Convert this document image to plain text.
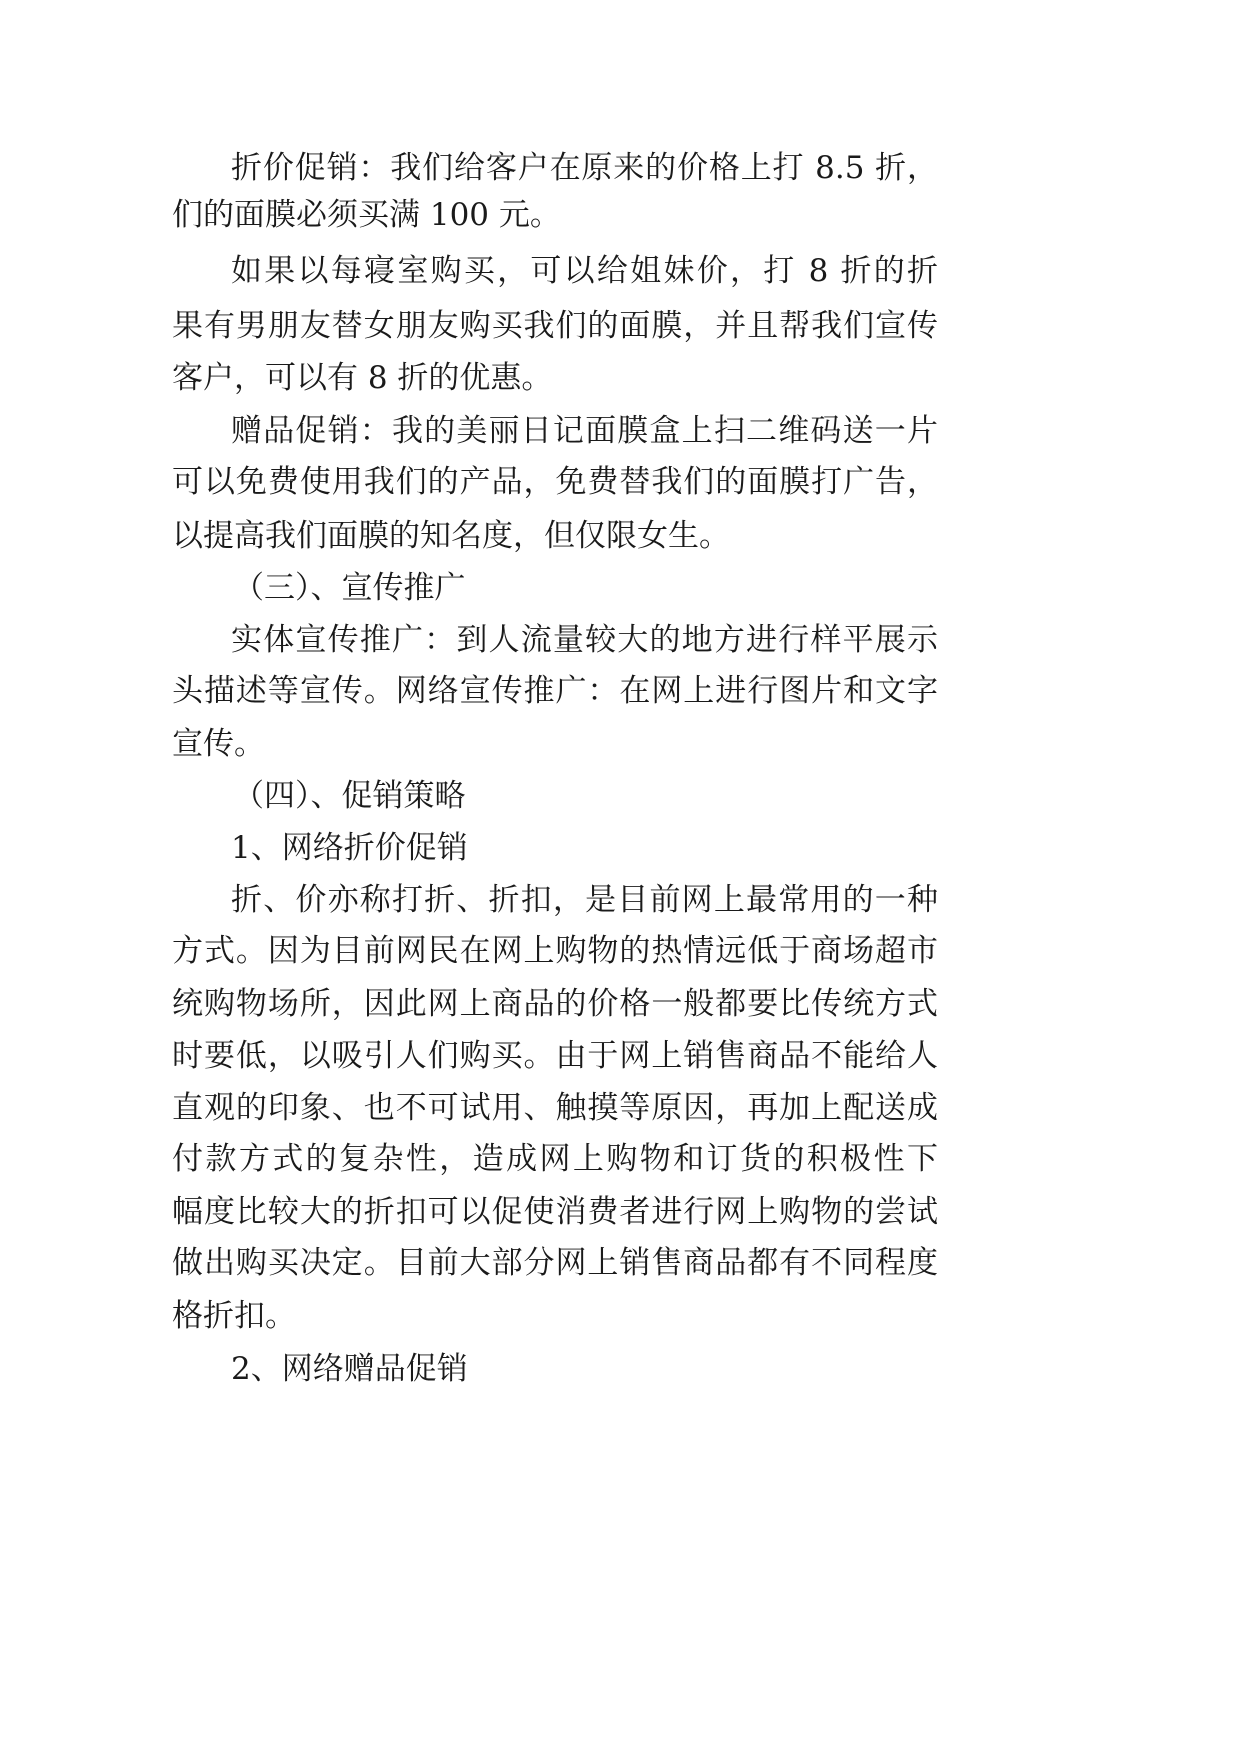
折价促销：我们给客户在原来的价格上打 8.5 折，
们的面膜必须买满 100 元。
如果以每寝室购买，可以给姐妹价，打 8 折的折
果有男朋友替女朋友购买我们的面膜，并且帮我们宣传
客户，可以有 8 折的优惠。
赠品促销：我的美丽日记面膜盒上扫二维码送一片
可以免费使用我们的产品，免费替我们的面膜打广告，
以提高我们面膜的知名度，但仅限女生。
（三）、宣传推广
实体宣传推广：到人流量较大的地方进行样平展示
头描述等宣传。网络宣传推广：在网上进行图片和文字
宣传。
（四）、促销策略
1、网络折价促销
折、价亦称打折、折扣，是目前网上最常用的一种
方式。因为目前网民在网上购物的热情远低于商场超市
统购物场所，因此网上商品的价格一般都要比传统方式
时要低，以吸引人们购买。由于网上销售商品不能给人
直观的印象、也不可试用、触摸等原因，再加上配送成
付款方式的复杂性，造成网上购物和订货的积极性下
幅度比较大的折扣可以促使消费者进行网上购物的尝试
做出购买决定。目前大部分网上销售商品都有不同程度
格折扣。
2、网络赠品促销
